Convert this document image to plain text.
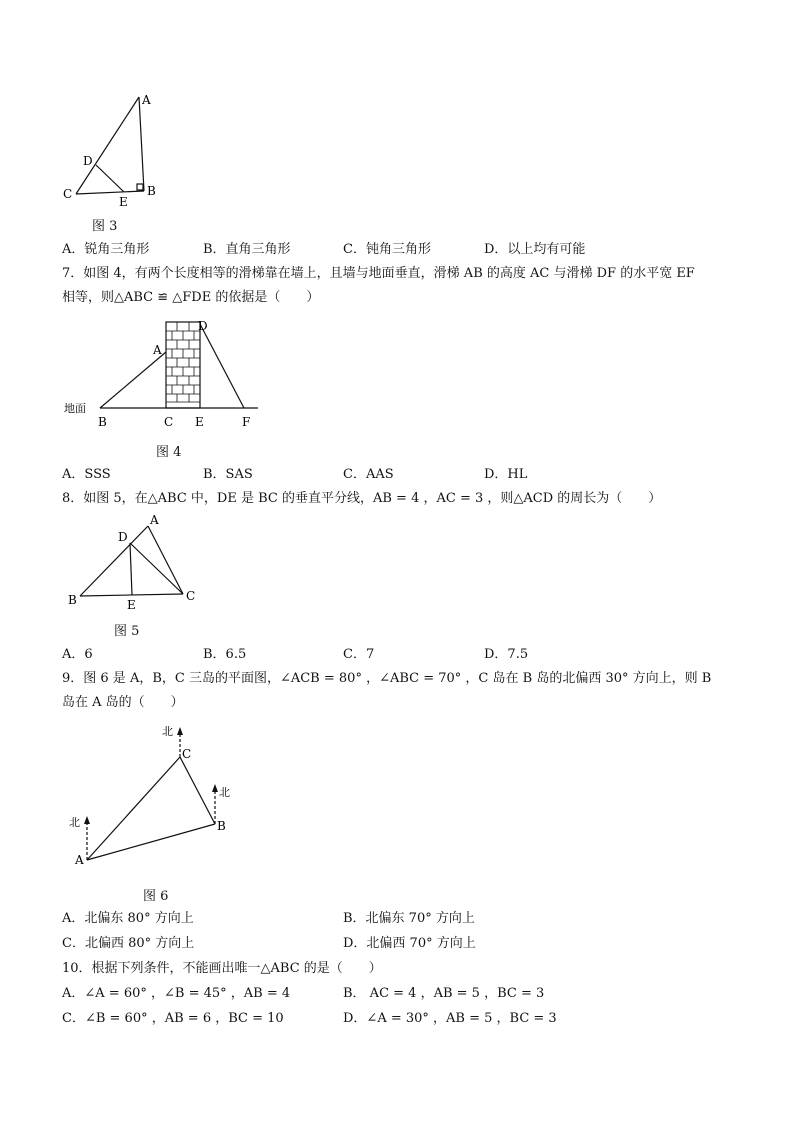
A
B
C
D
E
图 3
A．锐角三角形	B．直角三角形	C．钝角三角形	D．以上均有可能
7．如图 4，有两个长度相等的滑梯靠在墙上，且墙与地面垂直，滑梯 AB 的高度 AC 与滑梯 DF 的水平宽 EF
相等，则△ABC ≌ △FDE 的依据是（　　）
地面
A
B	C
D
E	F
图 4
A．SSS	B．SAS	C．AAS	D．HL
8．如图 5，在△ABC 中，DE 是 BC 的垂直平分线，AB = 4 ，AC = 3 ，则△ACD 的周长为（　　）
A
B	C
D
E
图 5
A．6	B．6.5	C．7	D．7.5
9．图 6 是 A，B，C 三岛的平面图，∠ACB = 80° ，∠ABC = 70° ，C 岛在 B 岛的北偏西 30° 方向上，则 B
岛在 A 岛的（　　）
北
北
北
C
B
A
图 6
A．北偏东 80° 方向上	B．北偏东 70° 方向上
C．北偏西 80° 方向上	D．北偏西 70° 方向上
10．根据下列条件，不能画出唯一△ABC 的是（　　）
A．∠A = 60° ，∠B = 45° ，AB = 4	B． AC = 4 ，AB = 5 ，BC = 3
C．∠B = 60° ，AB = 6 ，BC = 10	D．∠A = 30° ，AB = 5 ，BC = 3
